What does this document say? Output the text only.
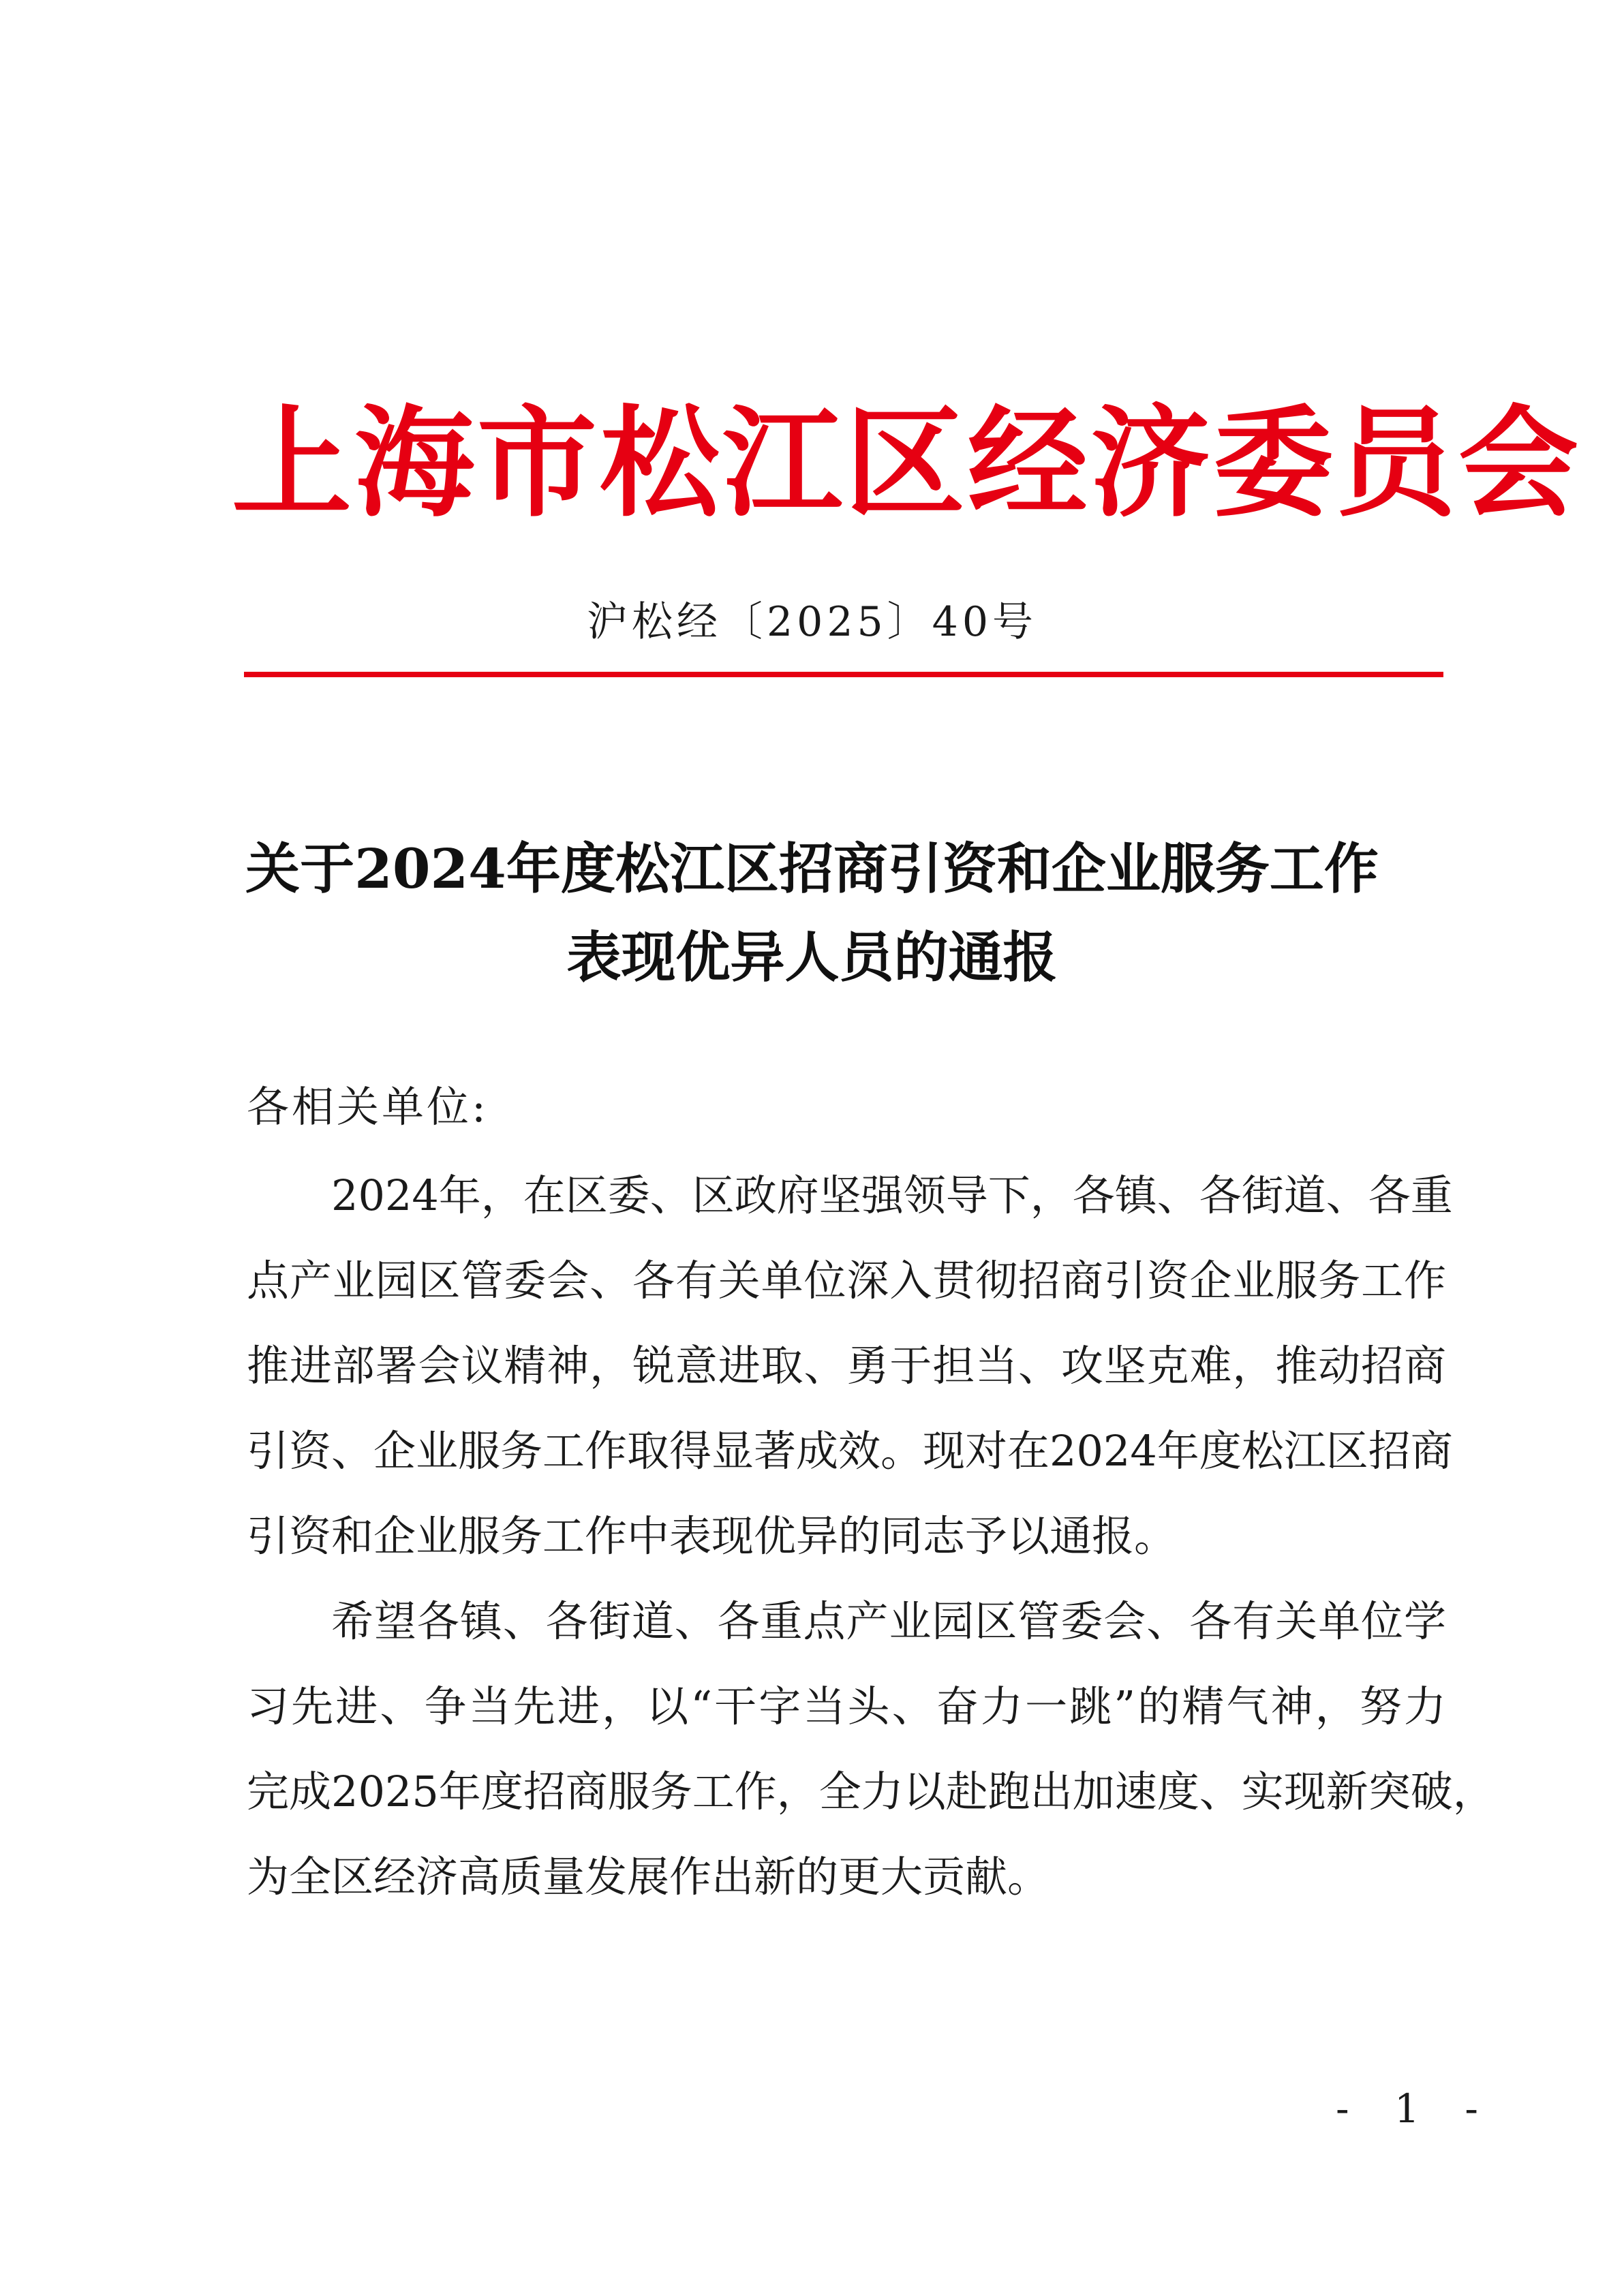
上海市松江区经济委员会
沪松经〔2025〕40号
关于2024年度松江区招商引资和企业服务工作
表现优异人员的通报
各相关单位:
2024年，在区委、区政府坚强领导下，各镇、各街道、各重
点产业园区管委会、各有关单位深入贯彻招商引资企业服务工作
推进部署会议精神，锐意进取、勇于担当、攻坚克难，推动招商
引资、企业服务工作取得显著成效。现对在2024年度松江区招商
引资和企业服务工作中表现优异的同志予以通报。
希望各镇、各街道、各重点产业园区管委会、各有关单位学
习先进、争当先进，以“干字当头、奋力一跳”的精气神，努力
完成2025年度招商服务工作，全力以赴跑出加速度、实现新突破，
为全区经济高质量发展作出新的更大贡献。
- 1 -
